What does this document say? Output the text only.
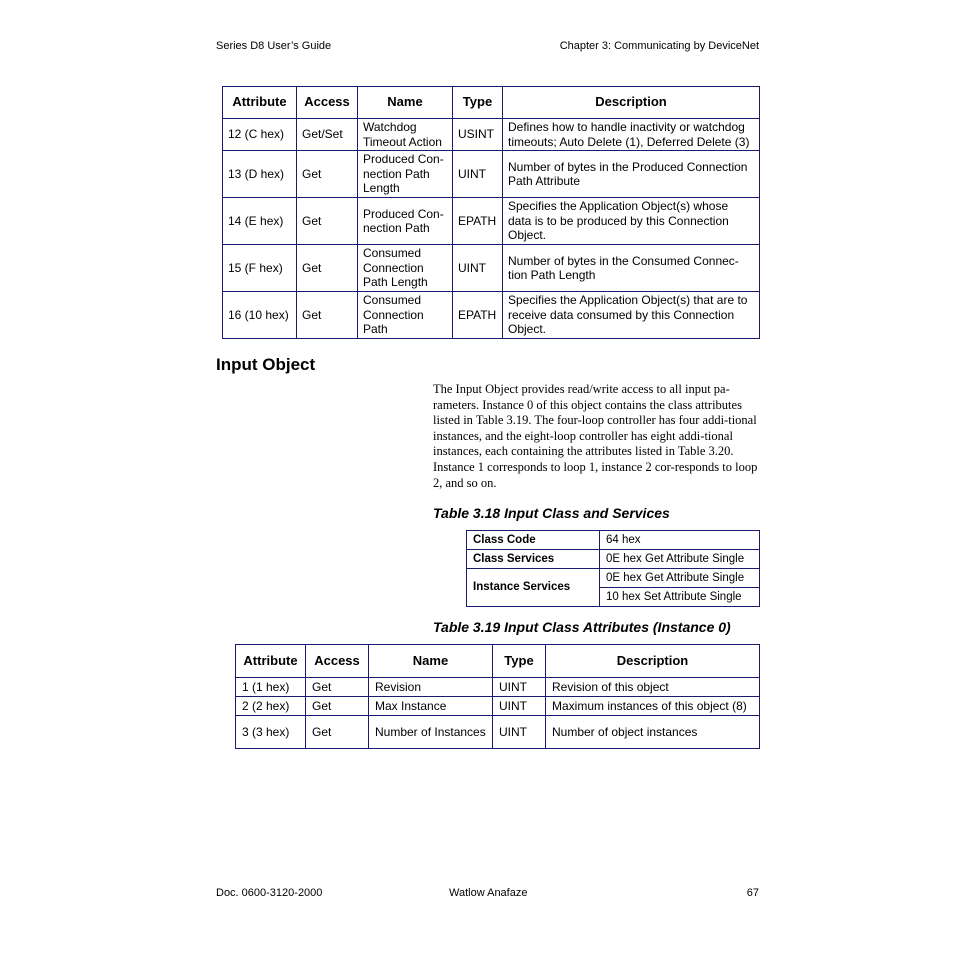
Series D8 User’s Guide	Chapter 3: Communicating by DeviceNet
Attribute	Access	Name	Type	Description
12 (C hex)	Get/Set	Watchdog Timeout Action	USINT	Defines how to handle inactivity or watchdog timeouts; Auto Delete (1), Deferred Delete (3)
13 (D hex)	Get	Produced Con-nection Path Length	UINT	Number of bytes in the Produced Connection Path Attribute
14 (E hex)	Get	Produced Con-nection Path	EPATH	Specifies the Application Object(s) whose data is to be produced by this Connection Object.
15 (F hex)	Get	Consumed Connection Path Length	UINT	Number of bytes in the Consumed Connec-tion Path Length
16 (10 hex)	Get	Consumed Connection Path	EPATH	Specifies the Application Object(s) that are to receive data consumed by this Connection Object.
Input Object

The Input Object provides read/write access to all input pa-rameters. Instance 0 of this object contains the class attributes listed in Table 3.19. The four-loop controller has four addi-tional instances, and the eight-loop controller has eight addi-tional instances, each containing the attributes listed in Table 3.20. Instance 1 corresponds to loop 1, instance 2 cor-responds to loop 2, and so on.

Table 3.18 Input Class and Services
Class Code	64 hex
Class Services	0E hex Get Attribute Single
Instance Services	0E hex Get Attribute Single
	10 hex Set Attribute Single
Table 3.19 Input Class Attributes (Instance 0)
Attribute	Access	Name	Type	Description
1 (1 hex)	Get	Revision	UINT	Revision of this object
2 (2 hex)	Get	Max Instance	UINT	Maximum instances of this object (8)
3 (3 hex)	Get	Number of Instances	UINT	Number of object instances
Doc. 0600-3120-2000	Watlow Anafaze	67
